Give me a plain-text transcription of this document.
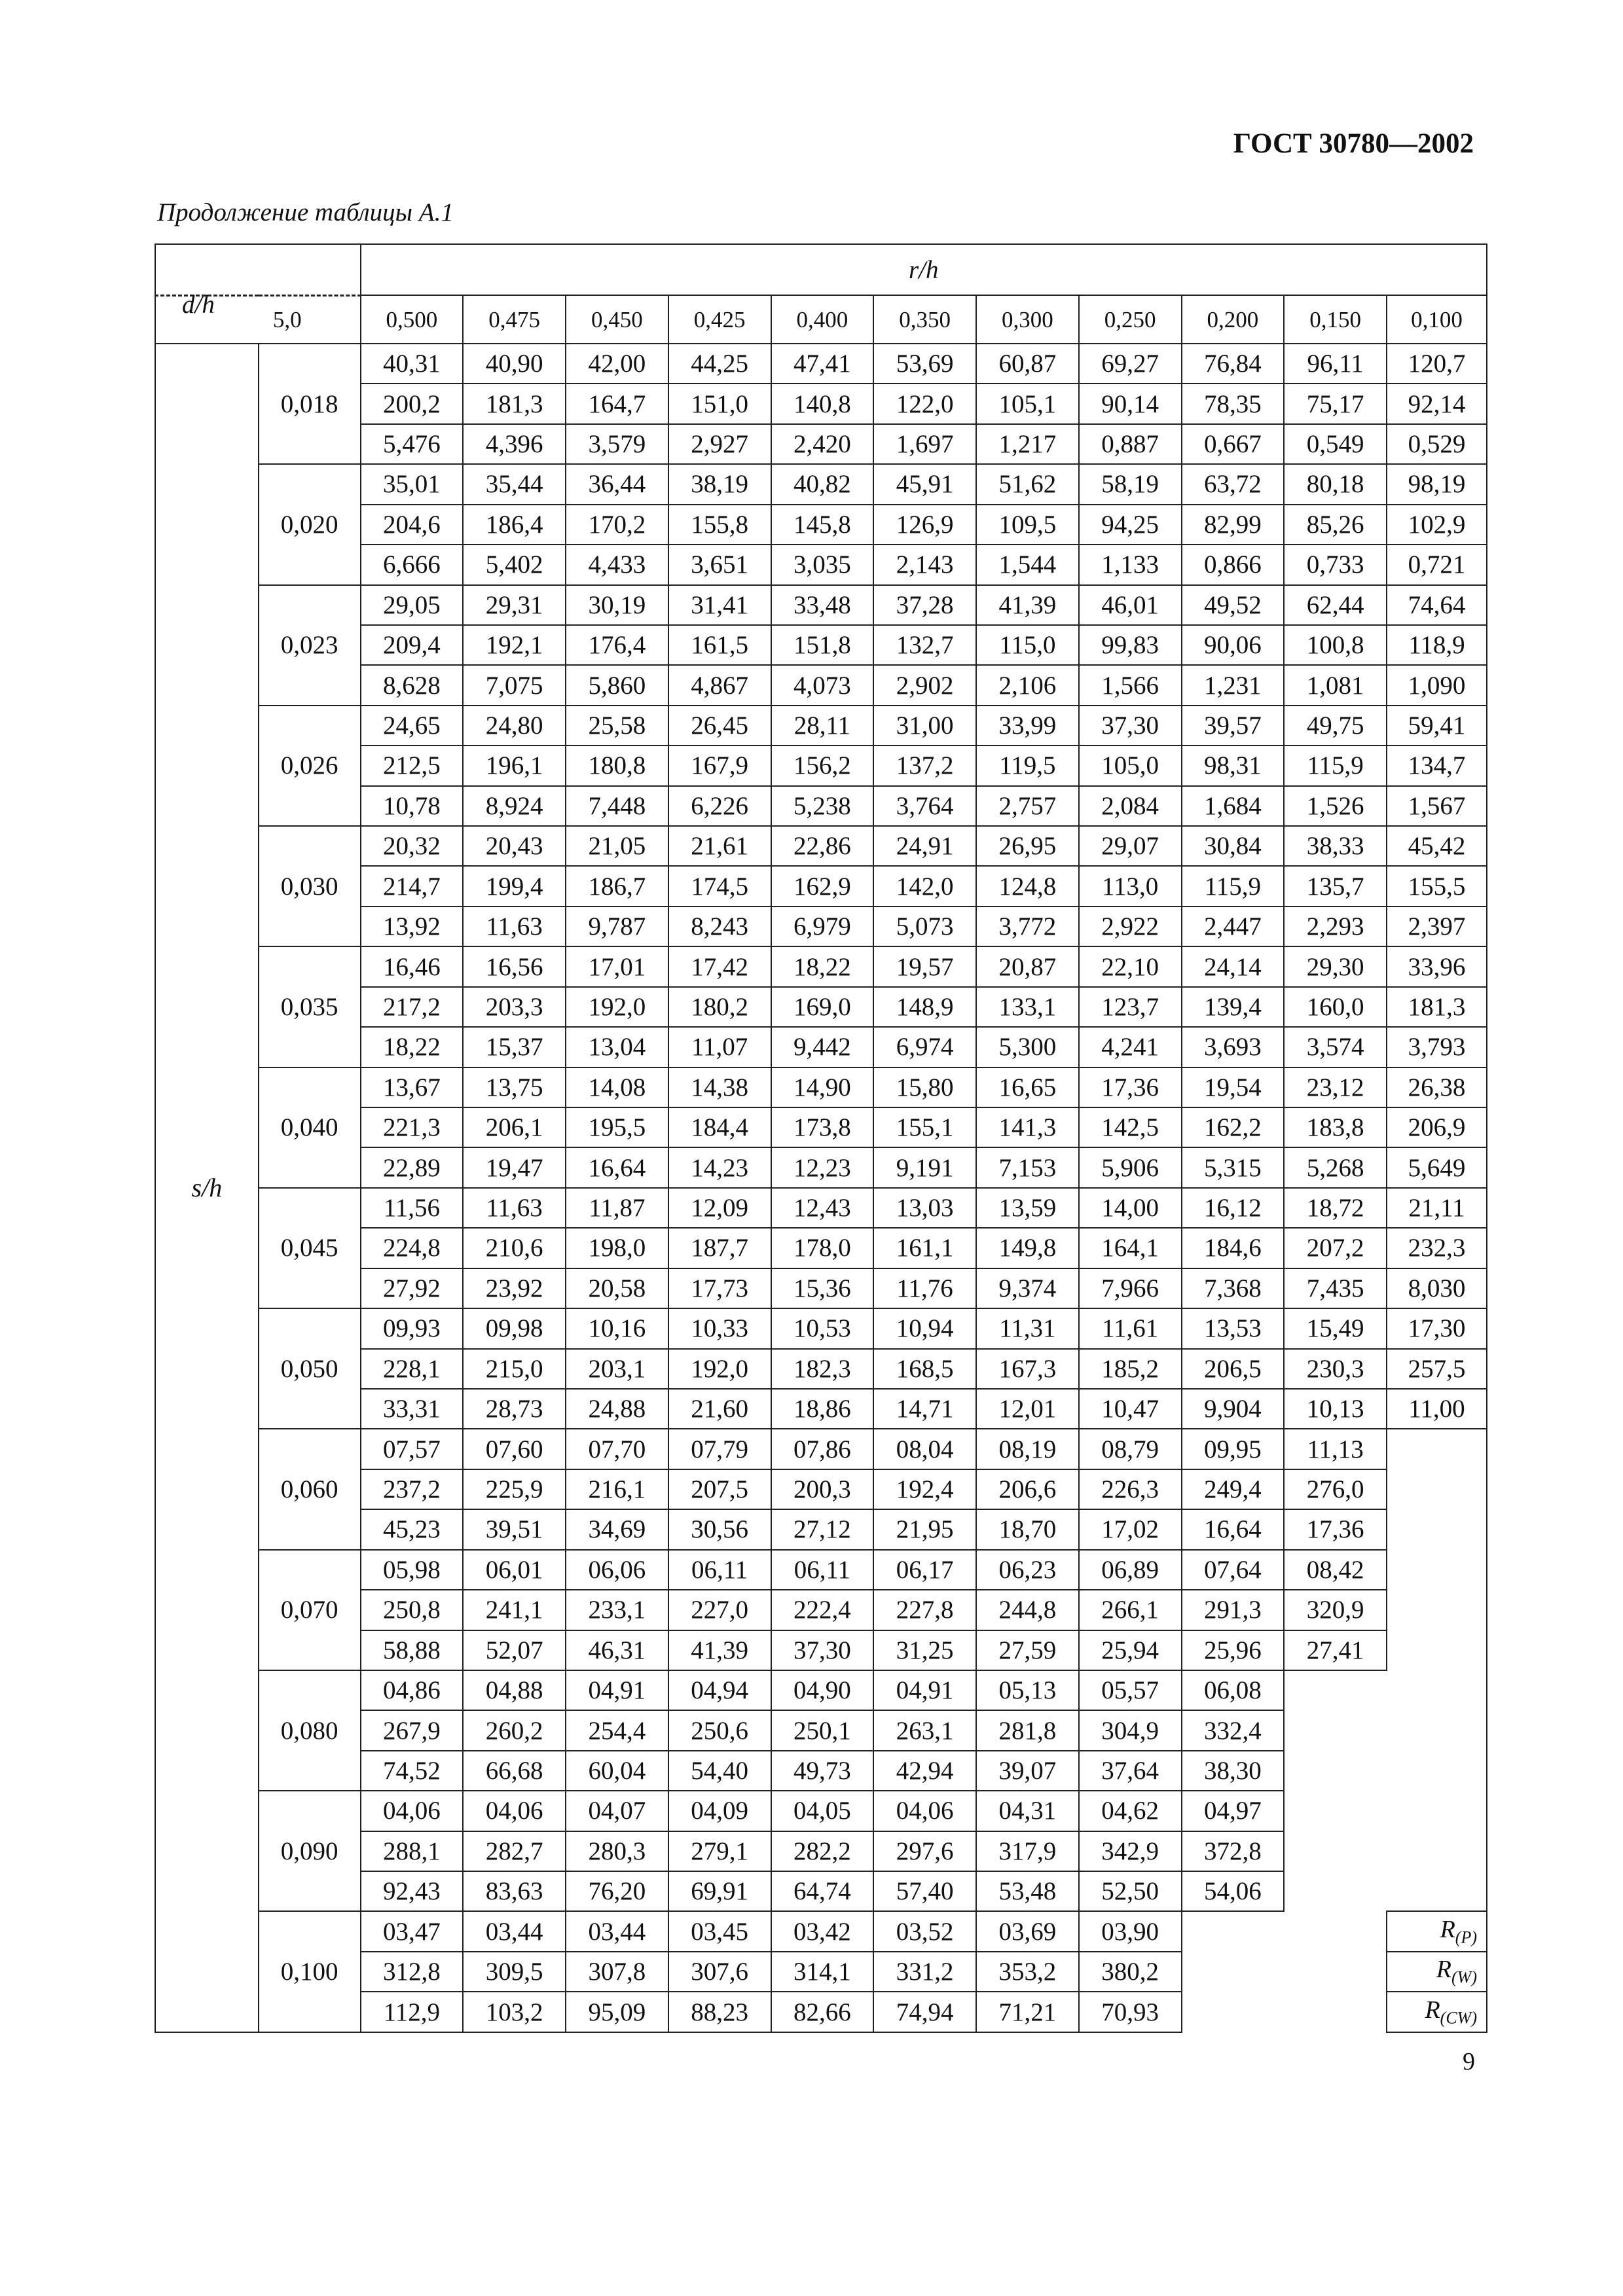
ГОСТ 30780—2002
Продолжение таблицы А.1
d/h		r/h										
5,0		0,500	0,475	0,450	0,425	0,400	0,350	0,300	0,250	0,200	0,150	0,100
s/h	0,018	40,31	40,90	42,00	44,25	47,41	53,69	60,87	69,27	76,84	96,11	120,7
		200,2	181,3	164,7	151,0	140,8	122,0	105,1	90,14	78,35	75,17	92,14
		5,476	4,396	3,579	2,927	2,420	1,697	1,217	0,887	0,667	0,549	0,529
	0,020	35,01	35,44	36,44	38,19	40,82	45,91	51,62	58,19	63,72	80,18	98,19
		204,6	186,4	170,2	155,8	145,8	126,9	109,5	94,25	82,99	85,26	102,9
		6,666	5,402	4,433	3,651	3,035	2,143	1,544	1,133	0,866	0,733	0,721
	0,023	29,05	29,31	30,19	31,41	33,48	37,28	41,39	46,01	49,52	62,44	74,64
		209,4	192,1	176,4	161,5	151,8	132,7	115,0	99,83	90,06	100,8	118,9
		8,628	7,075	5,860	4,867	4,073	2,902	2,106	1,566	1,231	1,081	1,090
	0,026	24,65	24,80	25,58	26,45	28,11	31,00	33,99	37,30	39,57	49,75	59,41
		212,5	196,1	180,8	167,9	156,2	137,2	119,5	105,0	98,31	115,9	134,7
		10,78	8,924	7,448	6,226	5,238	3,764	2,757	2,084	1,684	1,526	1,567
	0,030	20,32	20,43	21,05	21,61	22,86	24,91	26,95	29,07	30,84	38,33	45,42
		214,7	199,4	186,7	174,5	162,9	142,0	124,8	113,0	115,9	135,7	155,5
		13,92	11,63	9,787	8,243	6,979	5,073	3,772	2,922	2,447	2,293	2,397
	0,035	16,46	16,56	17,01	17,42	18,22	19,57	20,87	22,10	24,14	29,30	33,96
		217,2	203,3	192,0	180,2	169,0	148,9	133,1	123,7	139,4	160,0	181,3
		18,22	15,37	13,04	11,07	9,442	6,974	5,300	4,241	3,693	3,574	3,793
	0,040	13,67	13,75	14,08	14,38	14,90	15,80	16,65	17,36	19,54	23,12	26,38
		221,3	206,1	195,5	184,4	173,8	155,1	141,3	142,5	162,2	183,8	206,9
		22,89	19,47	16,64	14,23	12,23	9,191	7,153	5,906	5,315	5,268	5,649
	0,045	11,56	11,63	11,87	12,09	12,43	13,03	13,59	14,00	16,12	18,72	21,11
		224,8	210,6	198,0	187,7	178,0	161,1	149,8	164,1	184,6	207,2	232,3
		27,92	23,92	20,58	17,73	15,36	11,76	9,374	7,966	7,368	7,435	8,030
	0,050	09,93	09,98	10,16	10,33	10,53	10,94	11,31	11,61	13,53	15,49	17,30
		228,1	215,0	203,1	192,0	182,3	168,5	167,3	185,2	206,5	230,3	257,5
		33,31	28,73	24,88	21,60	18,86	14,71	12,01	10,47	9,904	10,13	11,00
	0,060	07,57	07,60	07,70	07,79	07,86	08,04	08,19	08,79	09,95	11,13	
		237,2	225,9	216,1	207,5	200,3	192,4	206,6	226,3	249,4	276,0	
		45,23	39,51	34,69	30,56	27,12	21,95	18,70	17,02	16,64	17,36	
	0,070	05,98	06,01	06,06	06,11	06,11	06,17	06,23	06,89	07,64	08,42	
		250,8	241,1	233,1	227,0	222,4	227,8	244,8	266,1	291,3	320,9	
		58,88	52,07	46,31	41,39	37,30	31,25	27,59	25,94	25,96	27,41	
	0,080	04,86	04,88	04,91	04,94	04,90	04,91	05,13	05,57	06,08		
		267,9	260,2	254,4	250,6	250,1	263,1	281,8	304,9	332,4		
		74,52	66,68	60,04	54,40	49,73	42,94	39,07	37,64	38,30		
	0,090	04,06	04,06	04,07	04,09	04,05	04,06	04,31	04,62	04,97		
		288,1	282,7	280,3	279,1	282,2	297,6	317,9	342,9	372,8		
		92,43	83,63	76,20	69,91	64,74	57,40	53,48	52,50	54,06		
	0,100	03,47	03,44	03,44	03,45	03,42	03,52	03,69	03,90			$R_{(P)}$
		312,8	309,5	307,8	307,6	314,1	331,2	353,2	380,2			$R_{(W)}$
		112,9	103,2	95,09	88,23	82,66	74,94	71,21	70,93			$R_{(CW)}$
9
